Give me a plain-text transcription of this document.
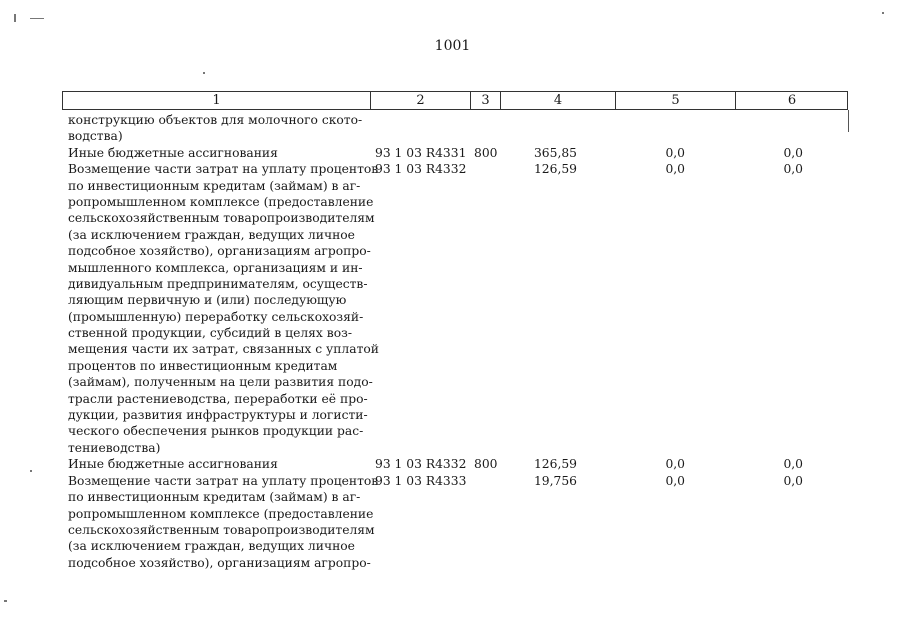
1001
1	2	3	4	5	6
конструкцию объектов для молочного ското-
водства)
Иные бюджетные ассигнования	93 1 03 R4331 800	365,85	0,0	0,0
Возмещение части затрат на уплату процентов
по инвестиционным кредитам (займам) в аг-
ропромышленном комплексе (предоставление
сельскохозяйственным товаропроизводителям
(за исключением граждан, ведущих личное
подсобное хозяйство), организациям агропро-
мышленного комплекса, организациям и ин-
дивидуальным предпринимателям, осуществ-
ляющим первичную и (или) последующую
(промышленную) переработку сельскохозяй-
ственной продукции, субсидий в целях воз-
мещения части их затрат, связанных с уплатой
процентов по инвестиционным кредитам
(займам), полученным на цели развития подо-
трасли растениеводства, переработки её про-
дукции, развития инфраструктуры и логисти-
ческого обеспечения рынков продукции рас-
тениеводства)
93 1 03 R4332	126,59	0,0	0,0
Иные бюджетные ассигнования	93 1 03 R4332 800	126,59	0,0	0,0
Возмещение части затрат на уплату процентов
по инвестиционным кредитам (займам) в аг-
ропромышленном комплексе (предоставление
сельскохозяйственным товаропроизводителям
(за исключением граждан, ведущих личное
подсобное хозяйство), организациям агропро-
93 1 03 R4333	19,756	0,0	0,0
